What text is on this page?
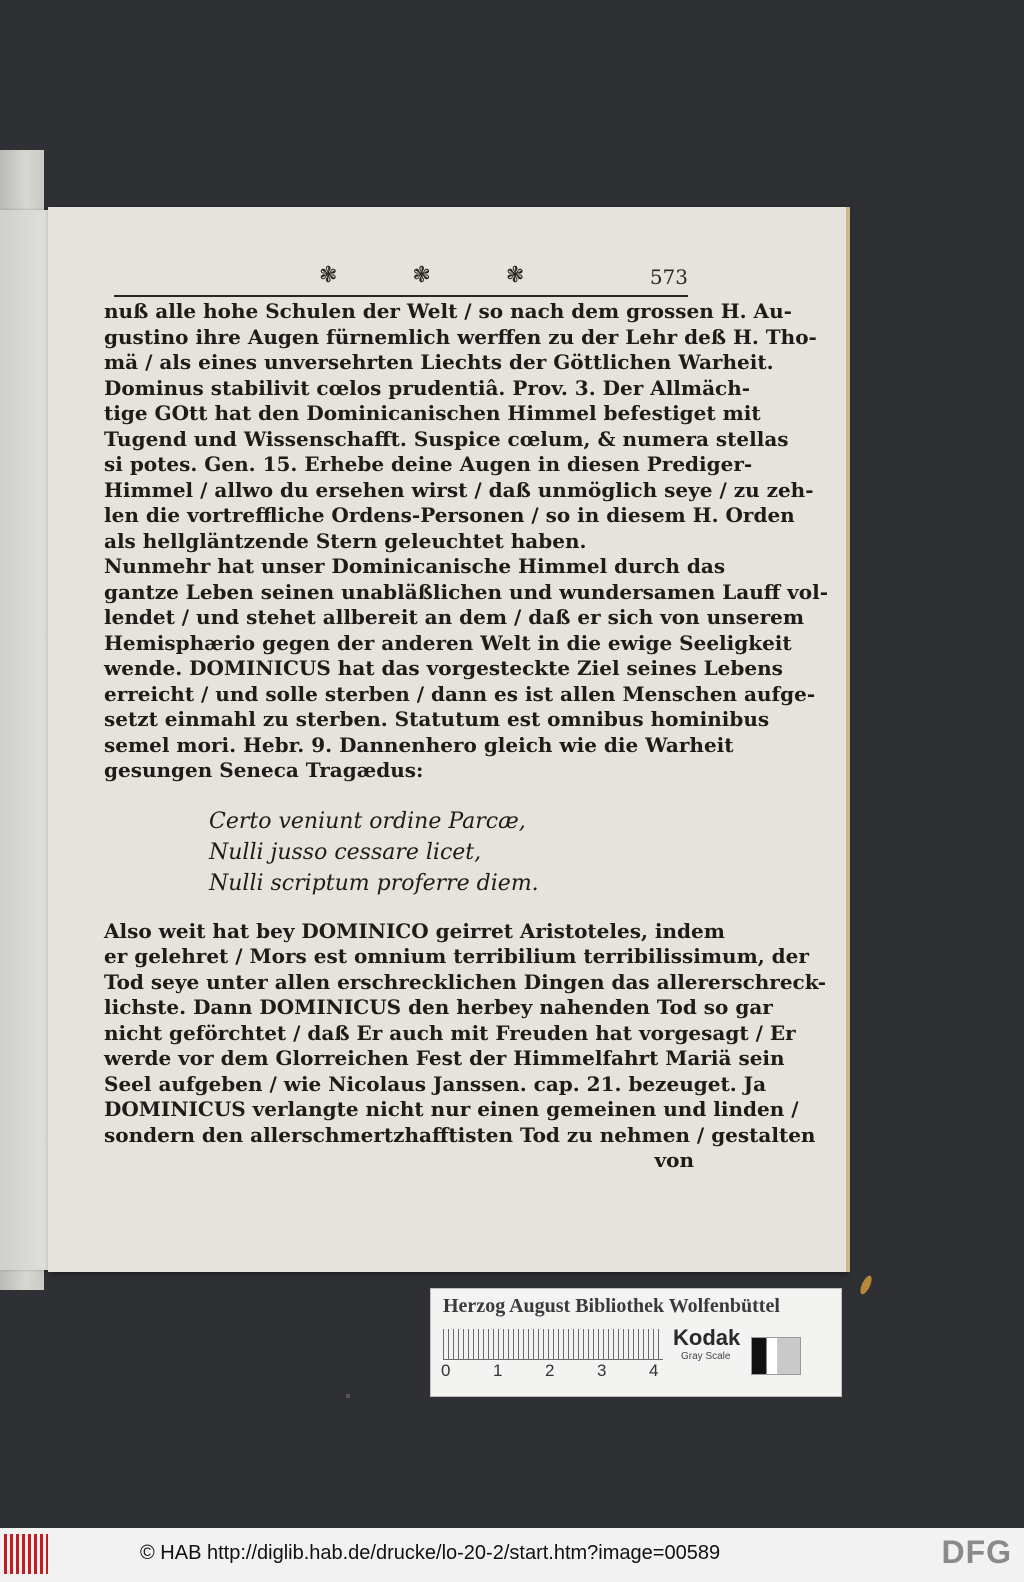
❃ ❃ ❃	573
nuß alle hohe Schulen der Welt / so nach dem grossen H. Au-
gustino ihre Augen fürnemlich werffen zu der Lehr deß H. Tho-
mä / als eines unversehrten Liechts der Göttlichen Warheit.
Dominus stabilivit cœlos prudentiâ. Prov. 3. Der Allmäch-
tige GOtt hat den Dominicanischen Himmel befestiget mit
Tugend und Wissenschafft. Suspice cœlum, & numera stellas
si potes. Gen. 15. Erhebe deine Augen in diesen Prediger-
Himmel / allwo du ersehen wirst / daß unmöglich seye / zu zeh-
len die vortreffliche Ordens-Personen / so in diesem H. Orden
als hellgläntzende Stern geleuchtet haben.
Nunmehr hat unser Dominicanische Himmel durch das
gantze Leben seinen unabläßlichen und wundersamen Lauff vol-
lendet / und stehet allbereit an dem / daß er sich von unserem
Hemisphærio gegen der anderen Welt in die ewige Seeligkeit
wende. DOMINICUS hat das vorgesteckte Ziel seines Lebens
erreicht / und solle sterben / dann es ist allen Menschen aufge-
setzt einmahl zu sterben. Statutum est omnibus hominibus
semel mori. Hebr. 9. Dannenhero gleich wie die Warheit
gesungen Seneca Tragædus:
Certo veniunt ordine Parcæ,
Nulli jusso cessare licet,
Nulli scriptum proferre diem.
Also weit hat bey DOMINICO geirret Aristoteles, indem
er gelehret / Mors est omnium terribilium terribilissimum, der
Tod seye unter allen erschrecklichen Dingen das allererschreck-
lichste. Dann DOMINICUS den herbey nahenden Tod so gar
nicht geförchtet / daß Er auch mit Freuden hat vorgesagt / Er
werde vor dem Glorreichen Fest der Himmelfahrt Mariä sein
Seel aufgeben / wie Nicolaus Janssen. cap. 21. bezeuget. Ja
DOMINICUS verlangte nicht nur einen gemeinen und linden /
sondern den allerschmertzhafftisten Tod zu nehmen / gestalten
von
Herzog August Bibliothek Wolfenbüttel
0	1	2	3	4
Kodak
Gray Scale
© HAB http://diglib.hab.de/drucke/lo-20-2/start.htm?image=00589	DFG
